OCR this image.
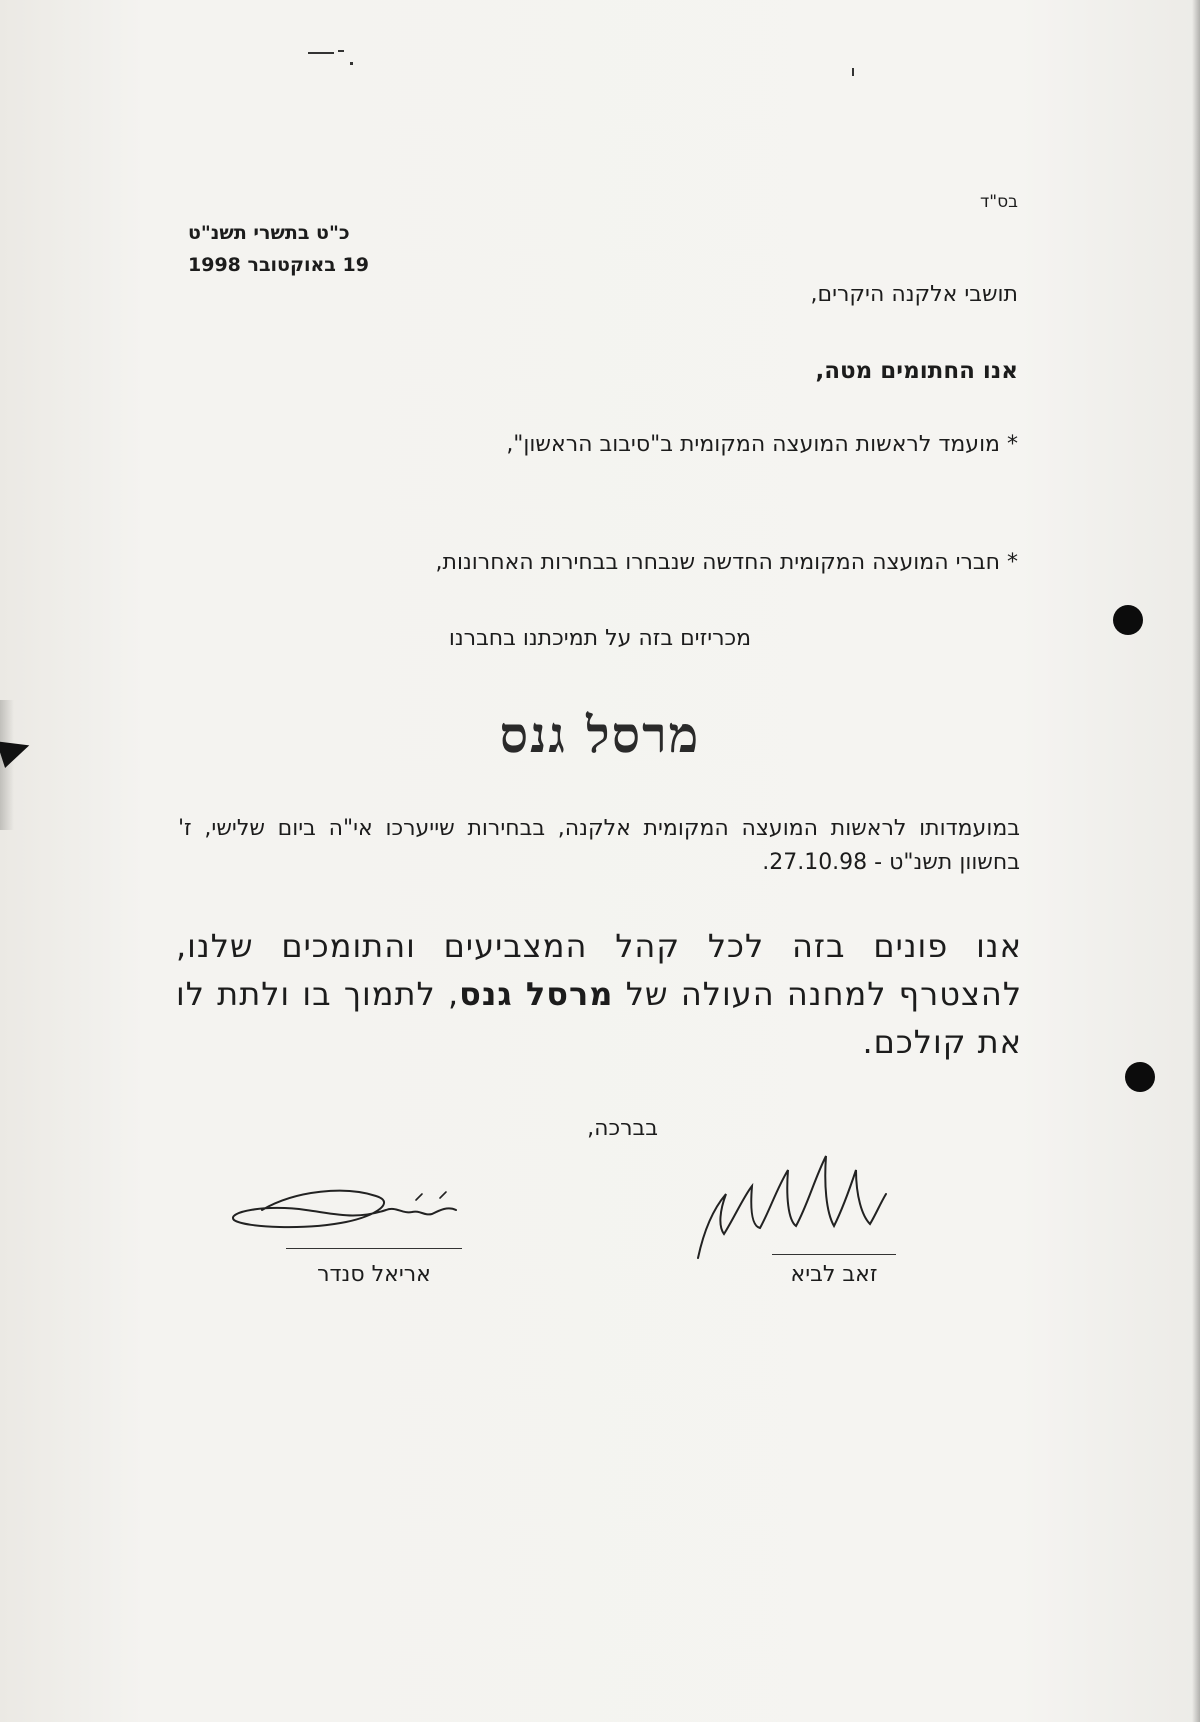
בס"ד
כ"ט בתשרי תשנ"ט
19 באוקטובר 1998
תושבי אלקנה היקרים,
אנו החתומים מטה,
* מועמד לראשות המועצה המקומית ב"סיבוב הראשון",
* חברי המועצה המקומית החדשה שנבחרו בבחירות האחרונות,
מכריזים בזה על תמיכתנו בחברנו
מרסל גנס
במועמדותו לראשות המועצה המקומית אלקנה, בבחירות שייערכו אי"ה ביום שלישי, ז' בחשוון תשנ"ט - 27.10.98.
אנו פונים בזה לכל קהל המצביעים והתומכים שלנו, להצטרף למחנה העולה של מרסל גנס, לתמוך בו ולתת לו את קולכם.
בברכה,
זאב לביא
אריאל סנדר
